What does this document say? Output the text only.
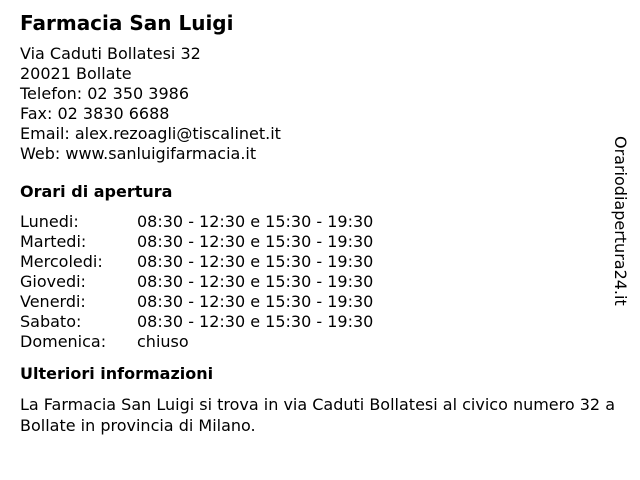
Farmacia San Luigi
Via Caduti Bollatesi 32
20021 Bollate
Telefon: 02 350 3986
Fax: 02 3830 6688
Email: alex.rezoagli@tiscalinet.it
Web: www.sanluigifarmacia.it
Orari di apertura
Lunedi:	08:30 - 12:30 e 15:30 - 19:30
Martedi:	08:30 - 12:30 e 15:30 - 19:30
Mercoledi: 08:30 - 12:30 e 15:30 - 19:30
Giovedi:	08:30 - 12:30 e 15:30 - 19:30
Venerdi:	08:30 - 12:30 e 15:30 - 19:30
Sabato:	08:30 - 12:30 e 15:30 - 19:30
Domenica: chiuso
Ulteriori informazioni

La Farmacia San Luigi si trova in via Caduti Bollatesi al civico numero 32 a Bollate in provincia di Milano.

Orariodiapertura24.it
